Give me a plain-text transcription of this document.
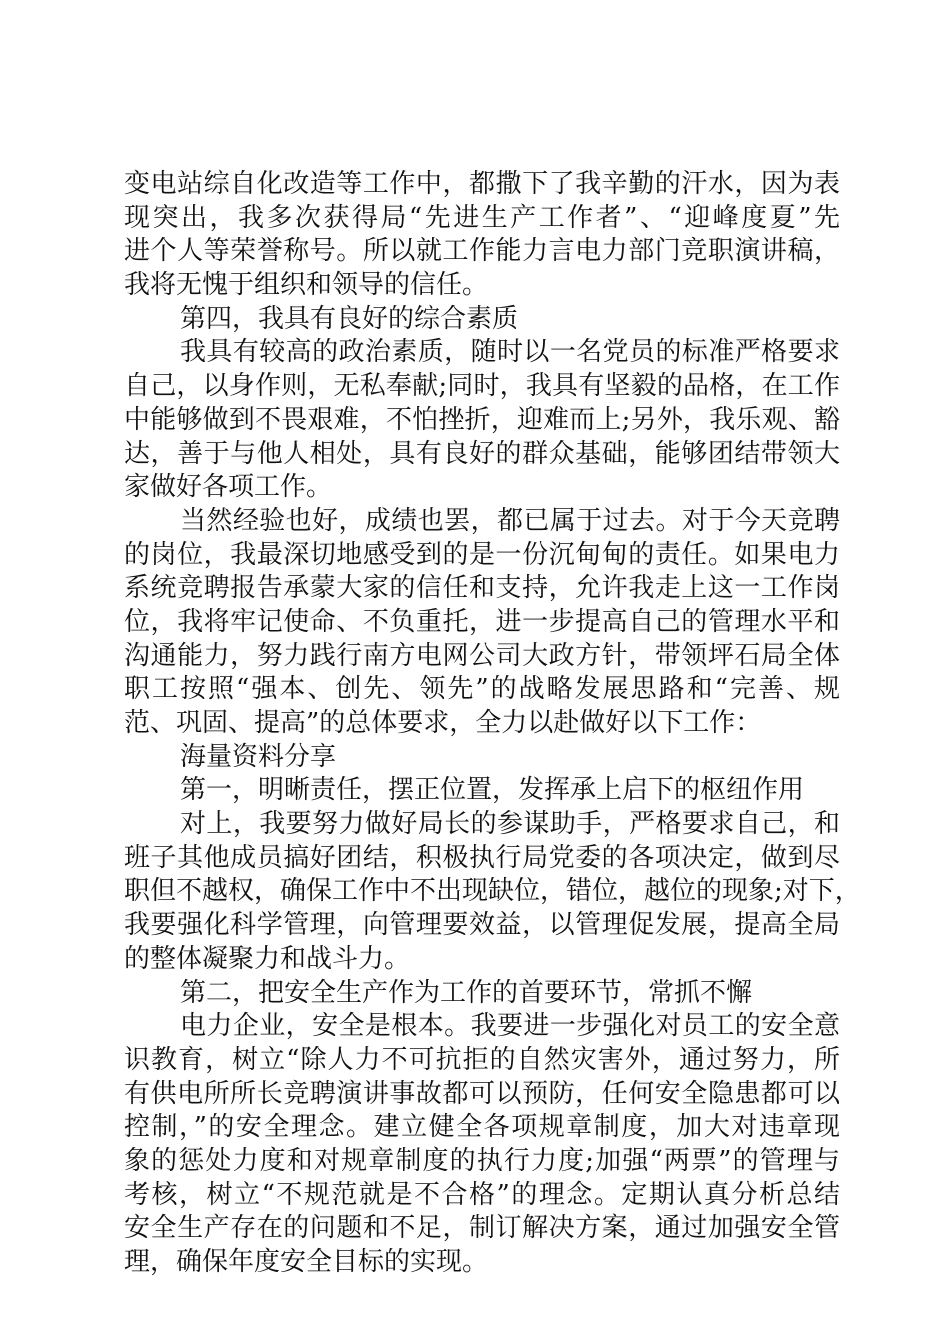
变电站综自化改造等工作中，都撒下了我辛勤的汗水，因为表
现突出，我多次获得局“先进生产工作者”、“迎峰度夏”先
进个人等荣誉称号。所以就工作能力言电力部门竞职演讲稿，
我将无愧于组织和领导的信任。
第四，我具有良好的综合素质
我具有较高的政治素质，随时以一名党员的标准严格要求
自己，以身作则，无私奉献;同时，我具有坚毅的品格，在工作
中能够做到不畏艰难，不怕挫折，迎难而上;另外，我乐观、豁
达，善于与他人相处，具有良好的群众基础，能够团结带领大
家做好各项工作。
当然经验也好，成绩也罢，都已属于过去。对于今天竞聘
的岗位，我最深切地感受到的是一份沉甸甸的责任。如果电力
系统竞聘报告承蒙大家的信任和支持，允许我走上这一工作岗
位，我将牢记使命、不负重托，进一步提高自己的管理水平和
沟通能力，努力践行南方电网公司大政方针，带领坪石局全体
职工按照“强本、创先、领先”的战略发展思路和“完善、规
范、巩固、提高”的总体要求，全力以赴做好以下工作：
海量资料分享
第一，明晰责任，摆正位置，发挥承上启下的枢纽作用
对上，我要努力做好局长的参谋助手，严格要求自己，和
班子其他成员搞好团结，积极执行局党委的各项决定，做到尽
职但不越权，确保工作中不出现缺位，错位，越位的现象;对下，
我要强化科学管理，向管理要效益，以管理促发展，提高全局
的整体凝聚力和战斗力。
第二，把安全生产作为工作的首要环节，常抓不懈
电力企业，安全是根本。我要进一步强化对员工的安全意
识教育，树立“除人力不可抗拒的自然灾害外，通过努力，所
有供电所所长竞聘演讲事故都可以预防，任何安全隐患都可以
控制，”的安全理念。建立健全各项规章制度，加大对违章现
象的惩处力度和对规章制度的执行力度;加强“两票”的管理与
考核，树立“不规范就是不合格”的理念。定期认真分析总结
安全生产存在的问题和不足，制订解决方案，通过加强安全管
理，确保年度安全目标的实现。
